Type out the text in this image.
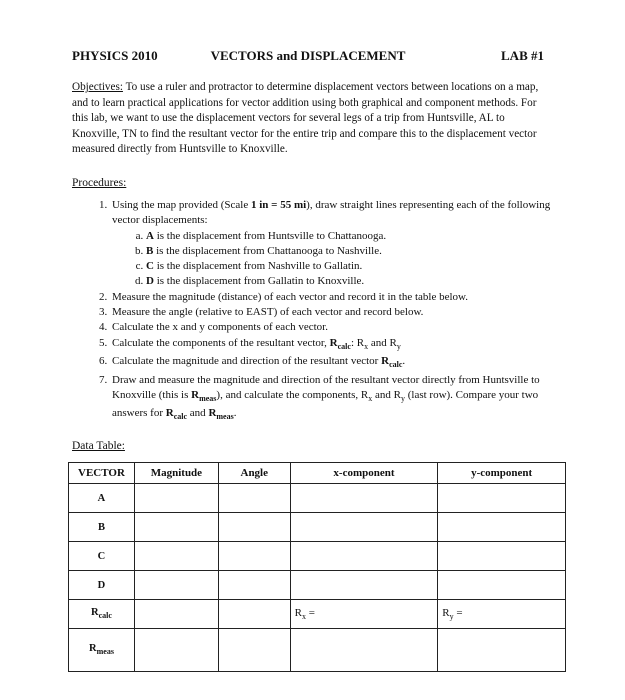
PHYSICS 2010	VECTORS and DISPLACEMENT	LAB #1
Objectives: To use a ruler and protractor to determine displacement vectors between locations on a map, and to learn practical applications for vector addition using both graphical and component methods. For this lab, we want to use the displacement vectors for several legs of a trip from Huntsville, AL to Knoxville, TN to find the resultant vector for the entire trip and compare this to the displacement vector measured directly from Huntsville to Knoxville.
Procedures:
1. Using the map provided (Scale 1 in = 55 mi), draw straight lines representing each of the following vector displacements:
a. A is the displacement from Huntsville to Chattanooga.
b. B is the displacement from Chattanooga to Nashville.
c. C is the displacement from Nashville to Gallatin.
d. D is the displacement from Gallatin to Knoxville.
2. Measure the magnitude (distance) of each vector and record it in the table below.
3. Measure the angle (relative to EAST) of each vector and record below.
4. Calculate the x and y components of each vector.
5. Calculate the components of the resultant vector, $R_{calc}$: $R_x$ and $R_y$
6. Calculate the magnitude and direction of the resultant vector $R_{calc}$.
7. Draw and measure the magnitude and direction of the resultant vector directly from Huntsville to Knoxville (this is $R_{meas}$), and calculate the components, $R_x$ and $R_y$ (last row). Compare your two answers for $R_{calc}$ and $R_{meas}$.
Data Table:
VECTOR	Magnitude	Angle	x-component	y-component
A				
B				
C				
D				
$R_{calc}$			$R_x$ =	$R_y$ =
$R_{meas}$				
